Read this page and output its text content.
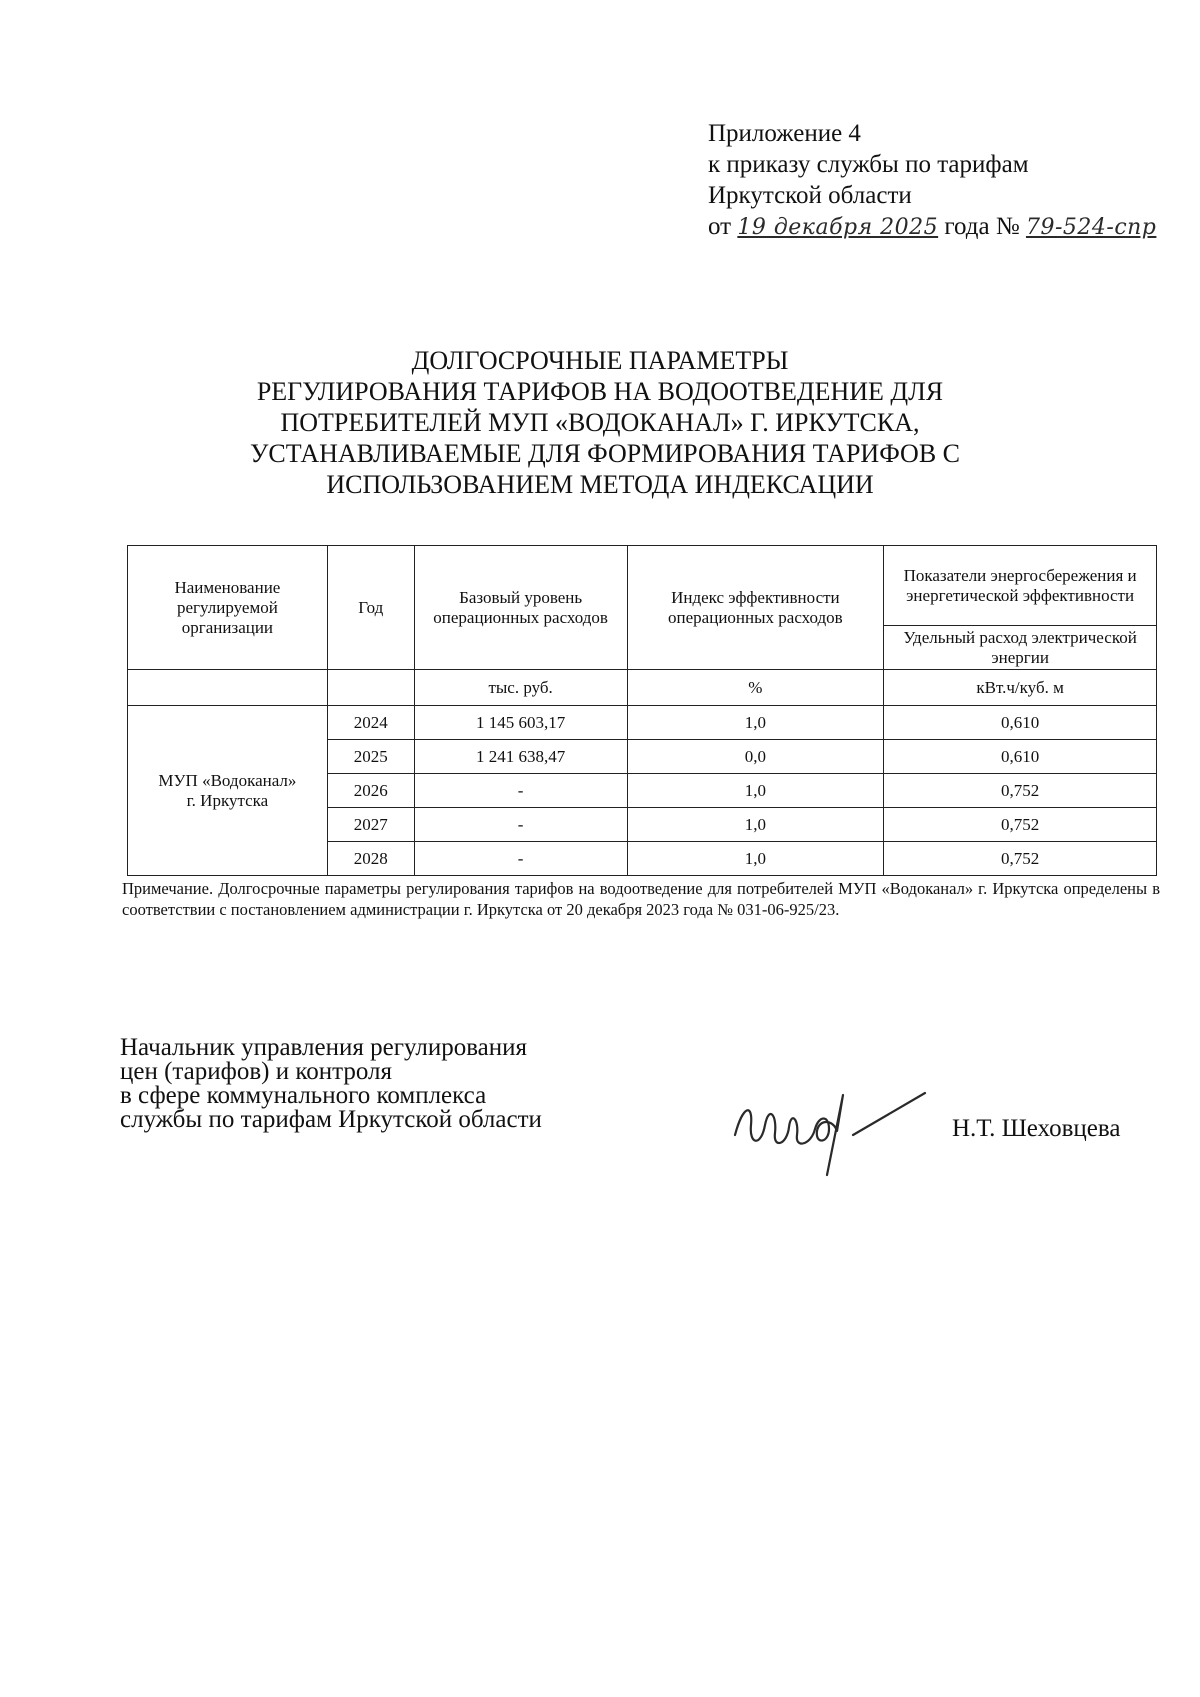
Приложение 4
к приказу службы по тарифам
Иркутской области
от 19 декабря 2025 года № 79-524-спр
ДОЛГОСРОЧНЫЕ ПАРАМЕТРЫ
РЕГУЛИРОВАНИЯ ТАРИФОВ НА ВОДООТВЕДЕНИЕ ДЛЯ
ПОТРЕБИТЕЛЕЙ МУП «ВОДОКАНАЛ» Г. ИРКУТСКА,
УСТАНАВЛИВАЕМЫЕ ДЛЯ ФОРМИРОВАНИЯ ТАРИФОВ С
ИСПОЛЬЗОВАНИЕМ МЕТОДА ИНДЕКСАЦИИ
Наименование регулируемой организации	Год	Базовый уровень операционных расходов	Индекс эффективности операционных расходов	Показатели энергосбережения и энергетической эффективности
				Удельный расход электрической энергии
		тыс. руб.	%	кВт.ч/куб. м

МУП «Водоканал»
г. Иркутска	2024	1 145 603,17	1,0	0,610
	2025	1 241 638,47	0,0	0,610
	2026	-	1,0	0,752
	2027	-	1,0	0,752
	2028	-	1,0	0,752
Примечание. Долгосрочные параметры регулирования тарифов на водоотведение для потребителей МУП «Водоканал» г. Иркутска определены в соответствии с постановлением администрации г. Иркутска от 20 декабря 2023 года № 031-06-925/23.
Начальник управления регулирования
цен (тарифов) и контроля
в сфере коммунального комплекса
службы по тарифам Иркутской области	Н.Т. Шеховцева
